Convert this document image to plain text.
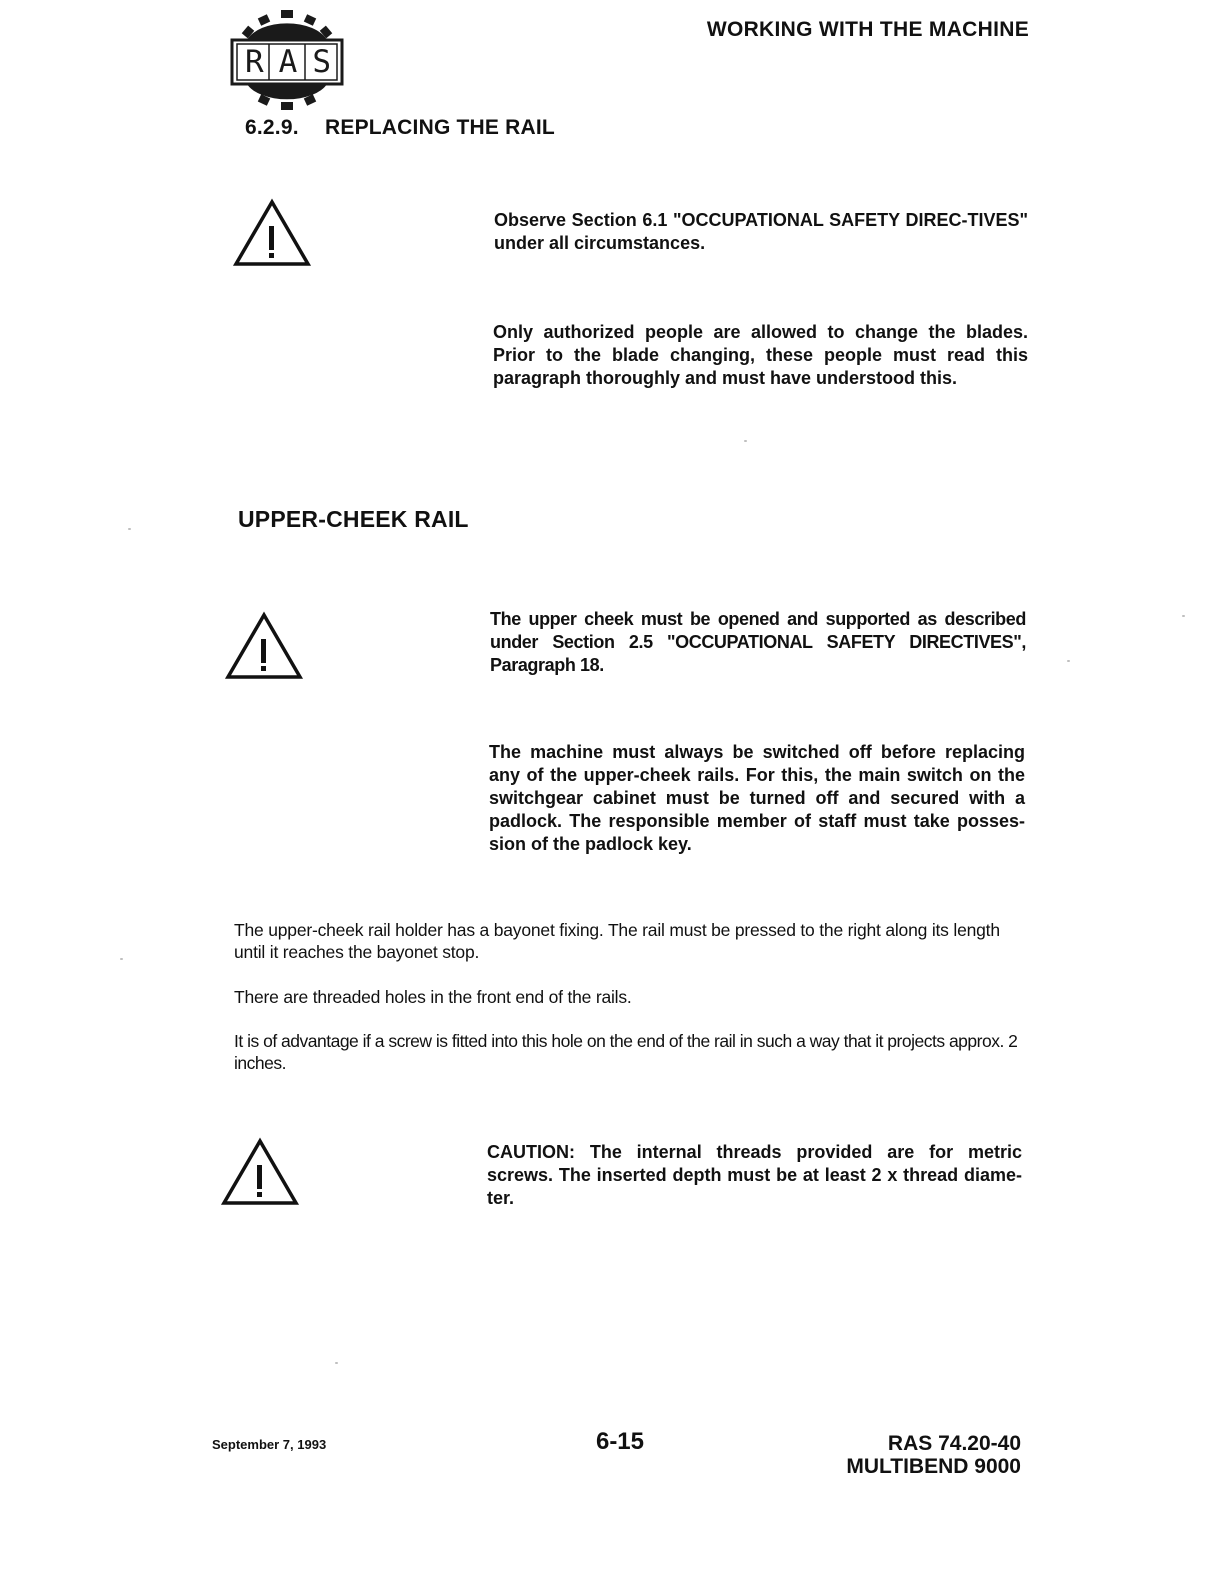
RAS
WORKING WITH THE MACHINE
6.2.9. REPLACING THE RAIL
Observe Section 6.1 "OCCUPATIONAL SAFETY DIREC-TIVES" under all circumstances.
Only authorized people are allowed to change the blades. Prior to the blade changing, these people must read this paragraph thoroughly and must have understood this.
UPPER-CHEEK RAIL
The upper cheek must be opened and supported as described under Section 2.5 "OCCUPATIONAL SAFETY DIRECTIVES", Paragraph 18.
The machine must always be switched off before replacing any of the upper-cheek rails. For this, the main switch on the switchgear cabinet must be turned off and secured with a padlock. The responsible member of staff must take posses-sion of the padlock key.
The upper-cheek rail holder has a bayonet fixing. The rail must be pressed to the right along its length until it reaches the bayonet stop.
There are threaded holes in the front end of the rails.
It is of advantage if a screw is fitted into this hole on the end of the rail in such a way that it projects approx. 2 inches.
CAUTION: The internal threads provided are for metric screws. The inserted depth must be at least 2 x thread diame-ter.
September 7, 1993	6-15	RAS 74.20-40
MULTIBEND 9000
